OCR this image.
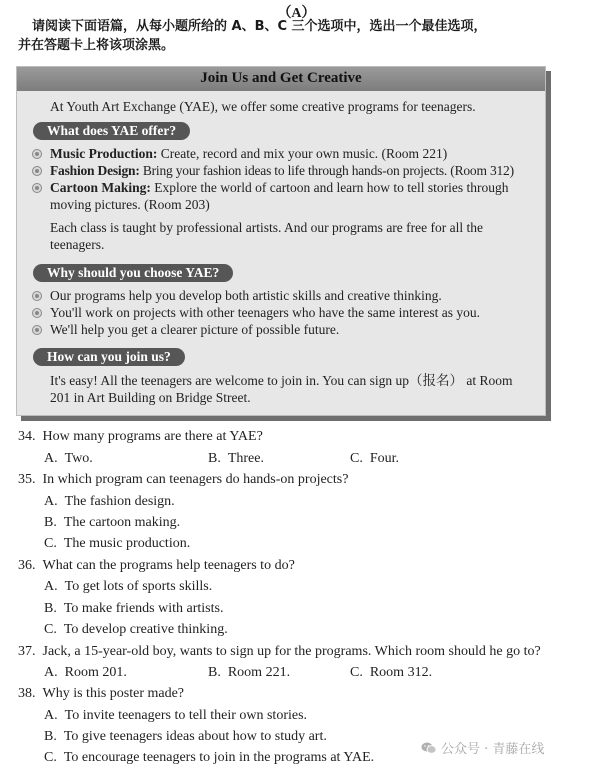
（A）
请阅读下面语篇，从每小题所给的 A、B、C 三个选项中，选出一个最佳选项，
并在答题卡上将该项涂黑。
Join Us and Get Creative
At Youth Art Exchange (YAE), we offer some creative programs for teenagers.
What does YAE offer?
Music Production: Create, record and mix your own music. (Room 221)
Fashion Design: Bring your fashion ideas to life through hands-on projects. (Room 312)
Cartoon Making: Explore the world of cartoon and learn how to tell stories through
moving pictures. (Room 203)
Each class is taught by professional artists. And our programs are free for all the
teenagers.
Why should you choose YAE?
Our programs help you develop both artistic skills and creative thinking.
You'll work on projects with other teenagers who have the same interest as you.
We'll help you get a clearer picture of possible future.
How can you join us?
It's easy! All the teenagers are welcome to join in. You can sign up（报名） at Room
201 in Art Building on Bridge Street.
34. How many programs are there at YAE?
A. Two.	B. Three.	C. Four.
35. In which program can teenagers do hands-on projects?
A. The fashion design.
B. The cartoon making.
C. The music production.
36. What can the programs help teenagers to do?
A. To get lots of sports skills.
B. To make friends with artists.
C. To develop creative thinking.
37. Jack, a 15-year-old boy, wants to sign up for the programs. Which room should he go to?
A. Room 201.	B. Room 221.	C. Room 312.
38. Why is this poster made?
A. To invite teenagers to tell their own stories.
B. To give teenagers ideas about how to study art.
C. To encourage teenagers to join in the programs at YAE.
公众号 · 青藤在线
